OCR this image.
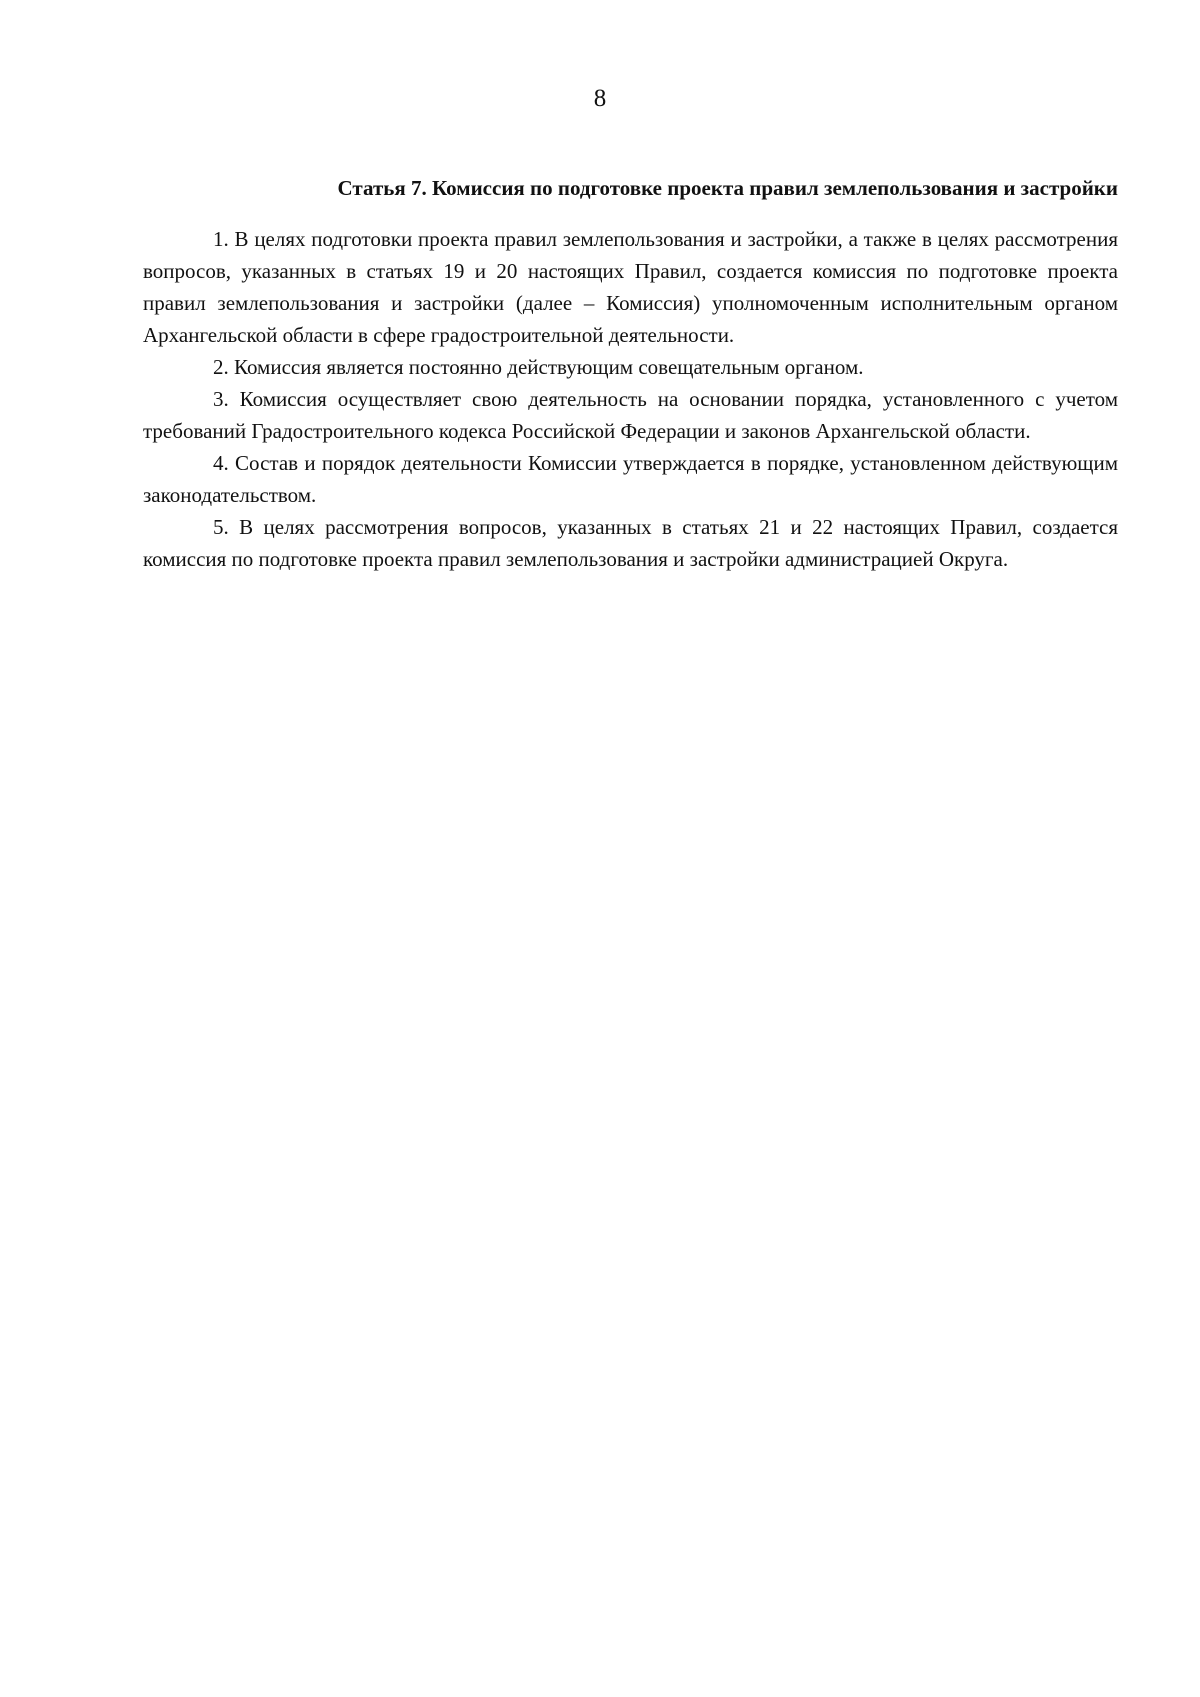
8
Статья 7. Комиссия по подготовке проекта правил землепользования и застройки

1. В целях подготовки проекта правил землепользования и застройки, а также в целях рассмотрения вопросов, указанных в статьях 19 и 20 настоящих Правил, создается комиссия по подготовке проекта правил землепользования и застройки (далее – Комиссия) уполномоченным исполнительным органом Архангельской области в сфере градостроительной деятельности.

2. Комиссия является постоянно действующим совещательным органом.

3. Комиссия осуществляет свою деятельность на основании порядка, установленного с учетом требований Градостроительного кодекса Российской Федерации и законов Архангельской области.

4. Состав и порядок деятельности Комиссии утверждается в порядке, установленном действующим законодательством.

5. В целях рассмотрения вопросов, указанных в статьях 21 и 22 настоящих Правил, создается комиссия по подготовке проекта правил землепользования и застройки администрацией Округа.
